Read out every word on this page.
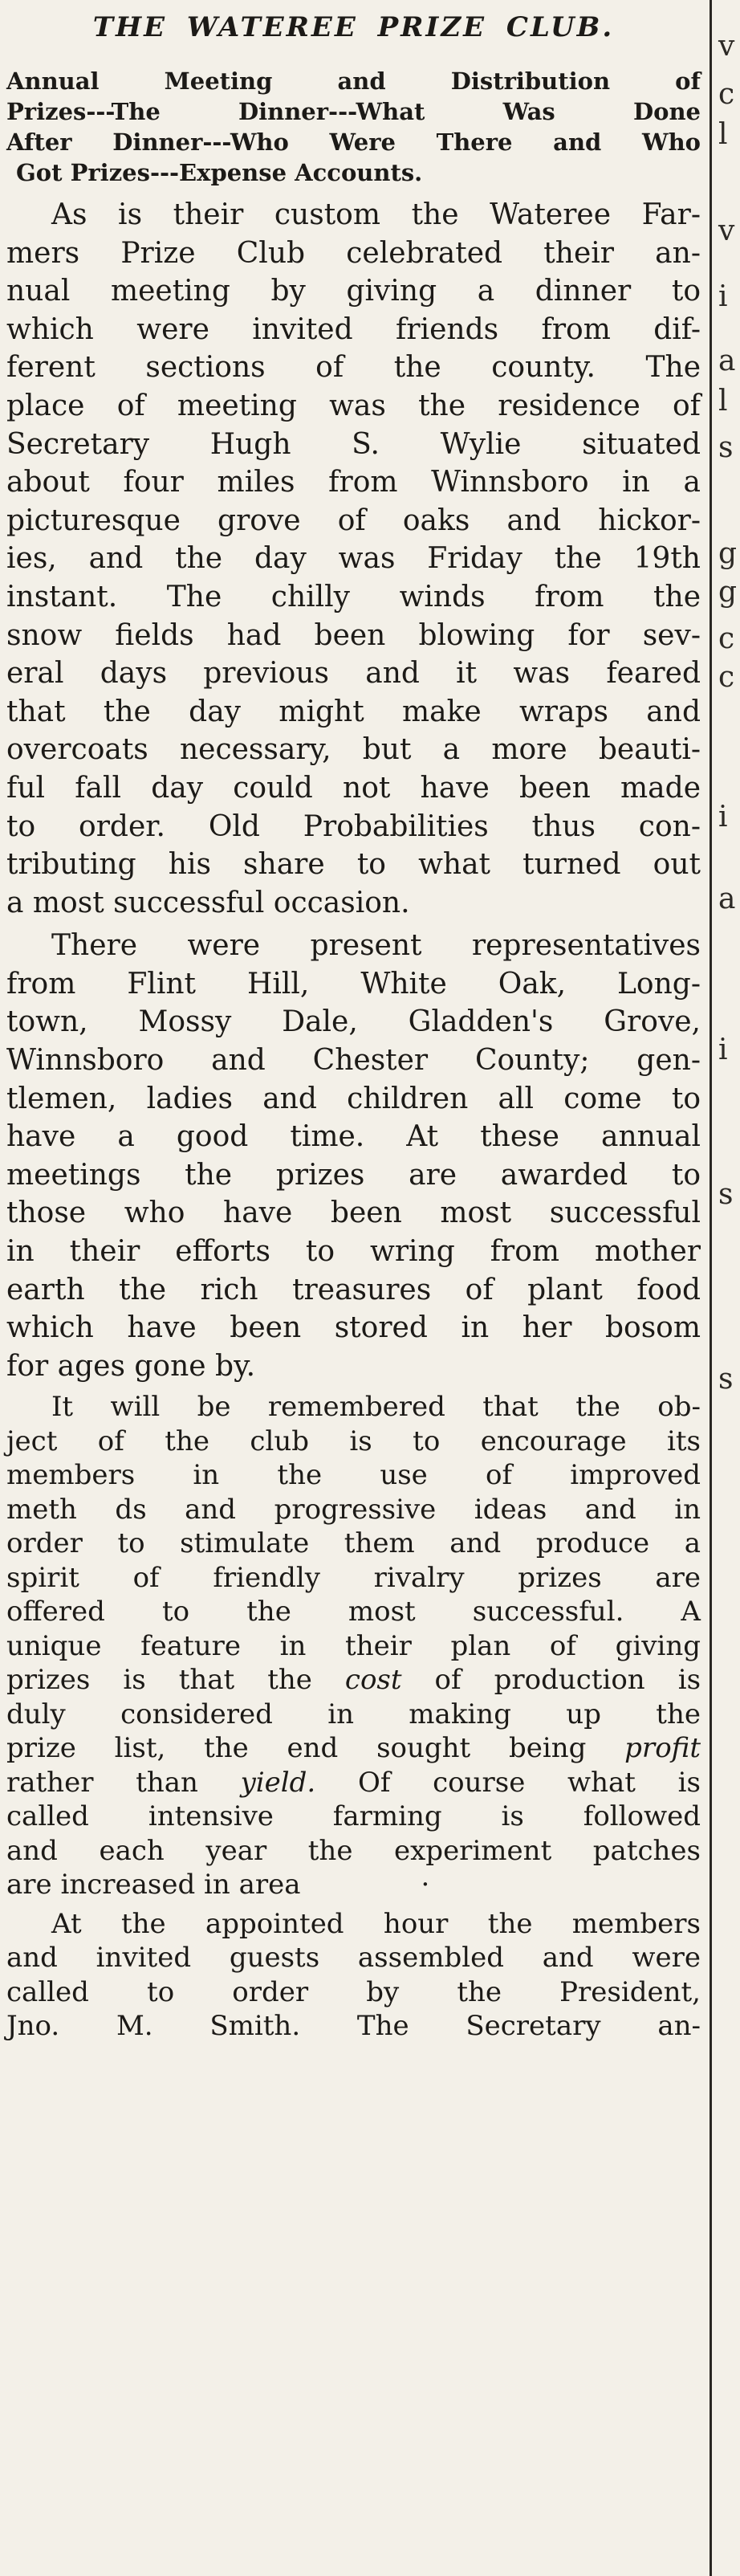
THE WATEREE PRIZE CLUB.
Annual Meeting and Distribution of
Prizes---The Dinner---What Was Done
After Dinner---Who Were There and Who
Got Prizes---Expense Accounts.
As is their custom the Wateree Far-
mers Prize Club celebrated their an-
nual meeting by giving a dinner to
which were invited friends from dif-
ferent sections of the county. The
place of meeting was the residence of
Secretary Hugh S. Wylie situated
about four miles from Winnsboro in a
picturesque grove of oaks and hickor-
ies, and the day was Friday the 19th
instant. The chilly winds from the
snow fields had been blowing for sev-
eral days previous and it was feared
that the day might make wraps and
overcoats necessary, but a more beauti-
ful fall day could not have been made
to order. Old Probabilities thus con-
tributing his share to what turned out
a most successful occasion.
There were present representatives
from Flint Hill, White Oak, Long-
town, Mossy Dale, Gladden's Grove,
Winnsboro and Chester County; gen-
tlemen, ladies and children all come to
have a good time. At these annual
meetings the prizes are awarded to
those who have been most successful
in their efforts to wring from mother
earth the rich treasures of plant food
which have been stored in her bosom
for ages gone by.
It will be remembered that the ob-
ject of the club is to encourage its
members in the use of improved
meth ds and progressive ideas and in
order to stimulate them and produce a
spirit of friendly rivalry prizes are
offered to the most successful. A
unique feature in their plan of giving
prizes is that the cost of production is
duly considered in making up the
prize list, the end sought being profit
rather than yield. Of course what is
called intensive farming is followed
and each year the experiment patches
are increased in area	·
At the appointed hour the members
and invited guests assembled and were
called to order by the President,
Jno. M. Smith. The Secretary an-
v
c
l
v
i
a
l
s
g
g
c
c
i
a
i
s
s
